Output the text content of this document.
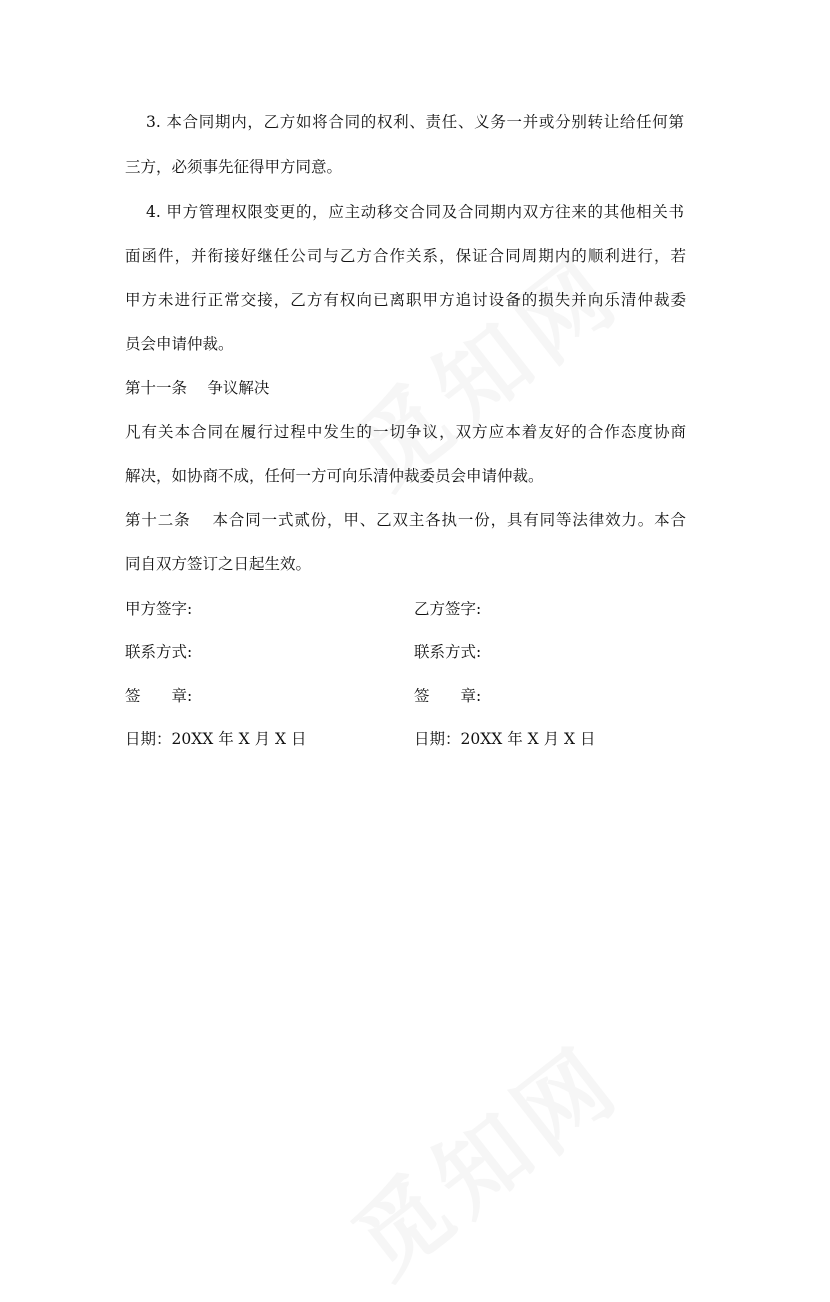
3. 本合同期内，乙方如将合同的权利、责任、义务一并或分别转让给任何第
三方，必须事先征得甲方同意。
4. 甲方管理权限变更的，应主动移交合同及合同期内双方往来的其他相关书
面函件，并衔接好继任公司与乙方合作关系，保证合同周期内的顺利进行，若
甲方未进行正常交接，乙方有权向已离职甲方追讨设备的损失并向乐清仲裁委
员会申请仲裁。
第十一条　 争议解决
凡有关本合同在履行过程中发生的一切争议，双方应本着友好的合作态度协商
解决，如协商不成，任何一方可向乐清仲裁委员会申请仲裁。
第十二条　 本合同一式贰份，甲、乙双主各执一份，具有同等法律效力。本合
同自双方签订之日起生效。
甲方签字:	乙方签字:
联系方式:	联系方式:
签　　章:	签　　章:
日期：20XX 年 X 月 X 日	日期：20XX 年 X 月 X 日
